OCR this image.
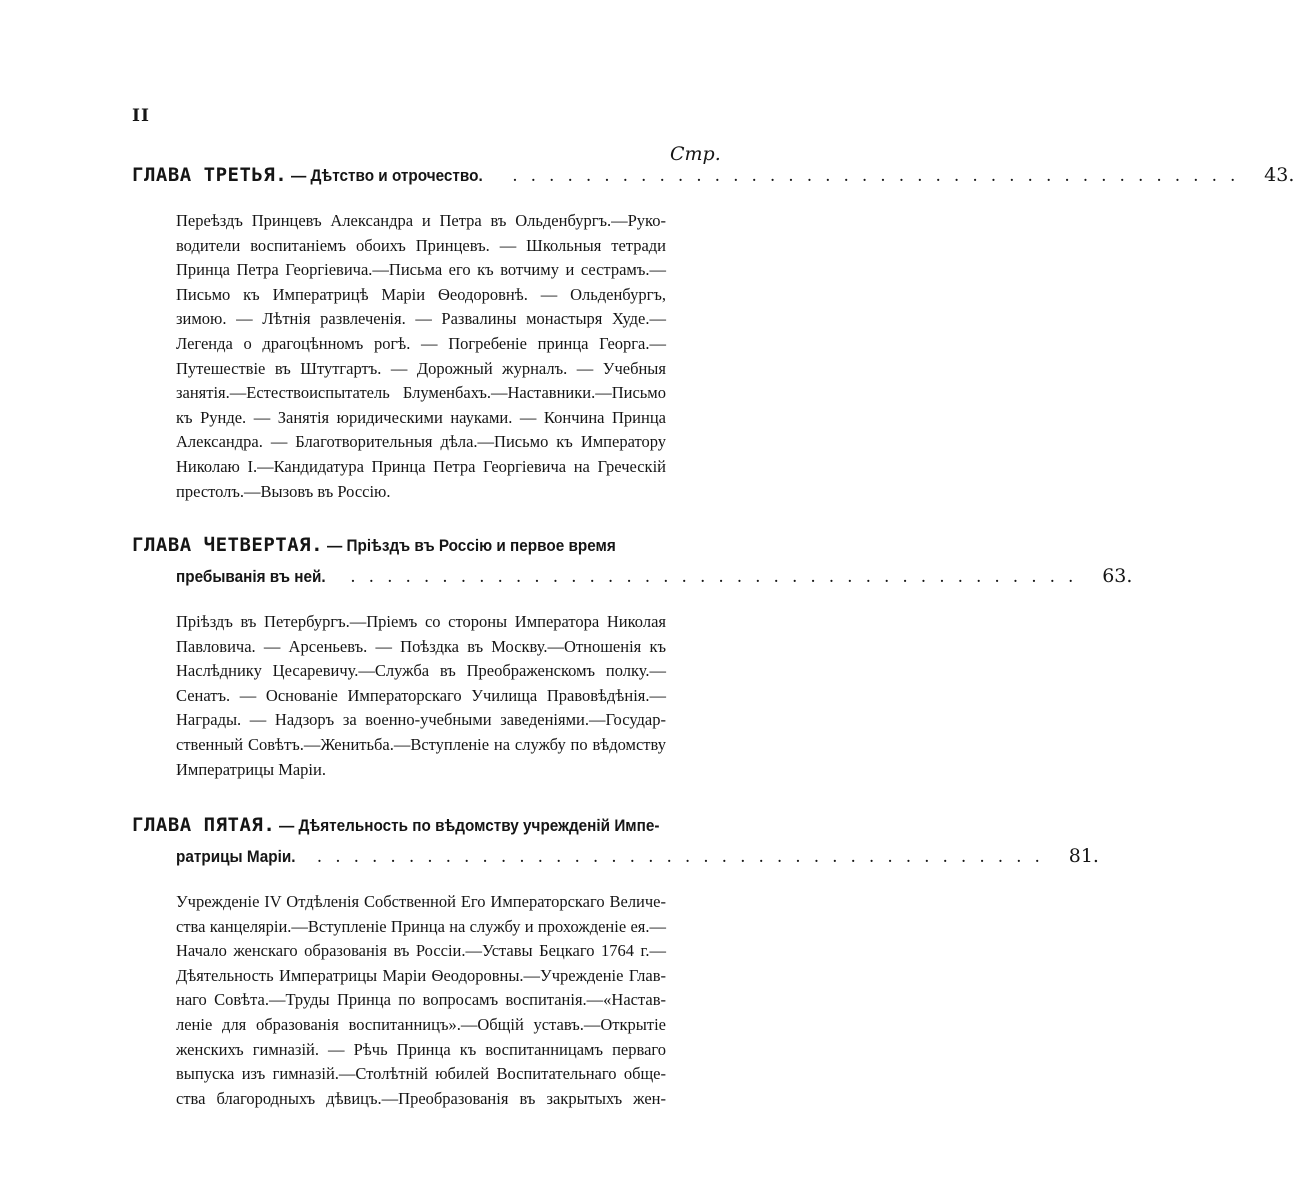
II
Стр.
ГЛАВА ТРЕТЬЯ. — Дѣтство и отрочество. ........................................ 43.
Переѣздъ Принцевъ Александра и Петра въ Ольденбургъ.—Руко-
водители воспитаніемъ обоихъ Принцевъ. — Школьныя тетради
Принца Петра Георгіевича.—Письма его къ вотчиму и сестрамъ.—
Письмо къ Императрицѣ Маріи Ѳеодоровнѣ. — Ольденбургъ,
зимою. — Лѣтнія развлеченія. — Развалины монастыря Худе.—
Легенда о драгоцѣнномъ рогѣ. — Погребеніе принца Георга.—
Путешествіе въ Штутгартъ. — Дорожный журналъ. — Учебныя
занятія.—Естествоиспытатель Блуменбахъ.—Наставники.—Письмо
къ Рунде. — Занятія юридическими науками. — Кончина Принца
Александра. — Благотворительныя дѣла.—Письмо къ Императору
Николаю I.—Кандидатура Принца Петра Георгіевича на Греческій
престолъ.—Вызовъ въ Россію.
ГЛАВА ЧЕТВЕРТАЯ. — Пріѣздъ въ Россію и первое время
пребыванія въ ней. ........................................ 63.
Пріѣздъ въ Петербургъ.—Пріемъ со стороны Императора Николая
Павловича. — Арсеньевъ. — Поѣздка въ Москву.—Отношенія къ
Наслѣднику Цесаревичу.—Служба въ Преображенскомъ полку.—
Сенатъ. — Основаніе Императорскаго Училища Правовѣдѣнія.—
Награды. — Надзоръ за военно-учебными заведеніями.—Государ-
ственный Совѣтъ.—Женитьба.—Вступленіе на службу по вѣдомству
Императрицы Маріи.
ГЛАВА ПЯТАЯ. — Дѣятельность по вѣдомству учрежденій Импе-
ратрицы Маріи. ........................................ 81.
Учрежденіе IV Отдѣленія Собственной Его Императорскаго Величе-
ства канцеляріи.—Вступленіе Принца на службу и прохожденіе ея.—
Начало женскаго образованія въ Россіи.—Уставы Бецкаго 1764 г.—
Дѣятельность Императрицы Маріи Ѳеодоровны.—Учрежденіе Глав-
наго Совѣта.—Труды Принца по вопросамъ воспитанія.—«Настав-
леніе для образованія воспитанницъ».—Общій уставъ.—Открытіе
женскихъ гимназій. — Рѣчь Принца къ воспитанницамъ перваго
выпуска изъ гимназій.—Столѣтній юбилей Воспитательнаго обще-
ства благородныхъ дѣвицъ.—Преобразованія въ закрытыхъ жен-
